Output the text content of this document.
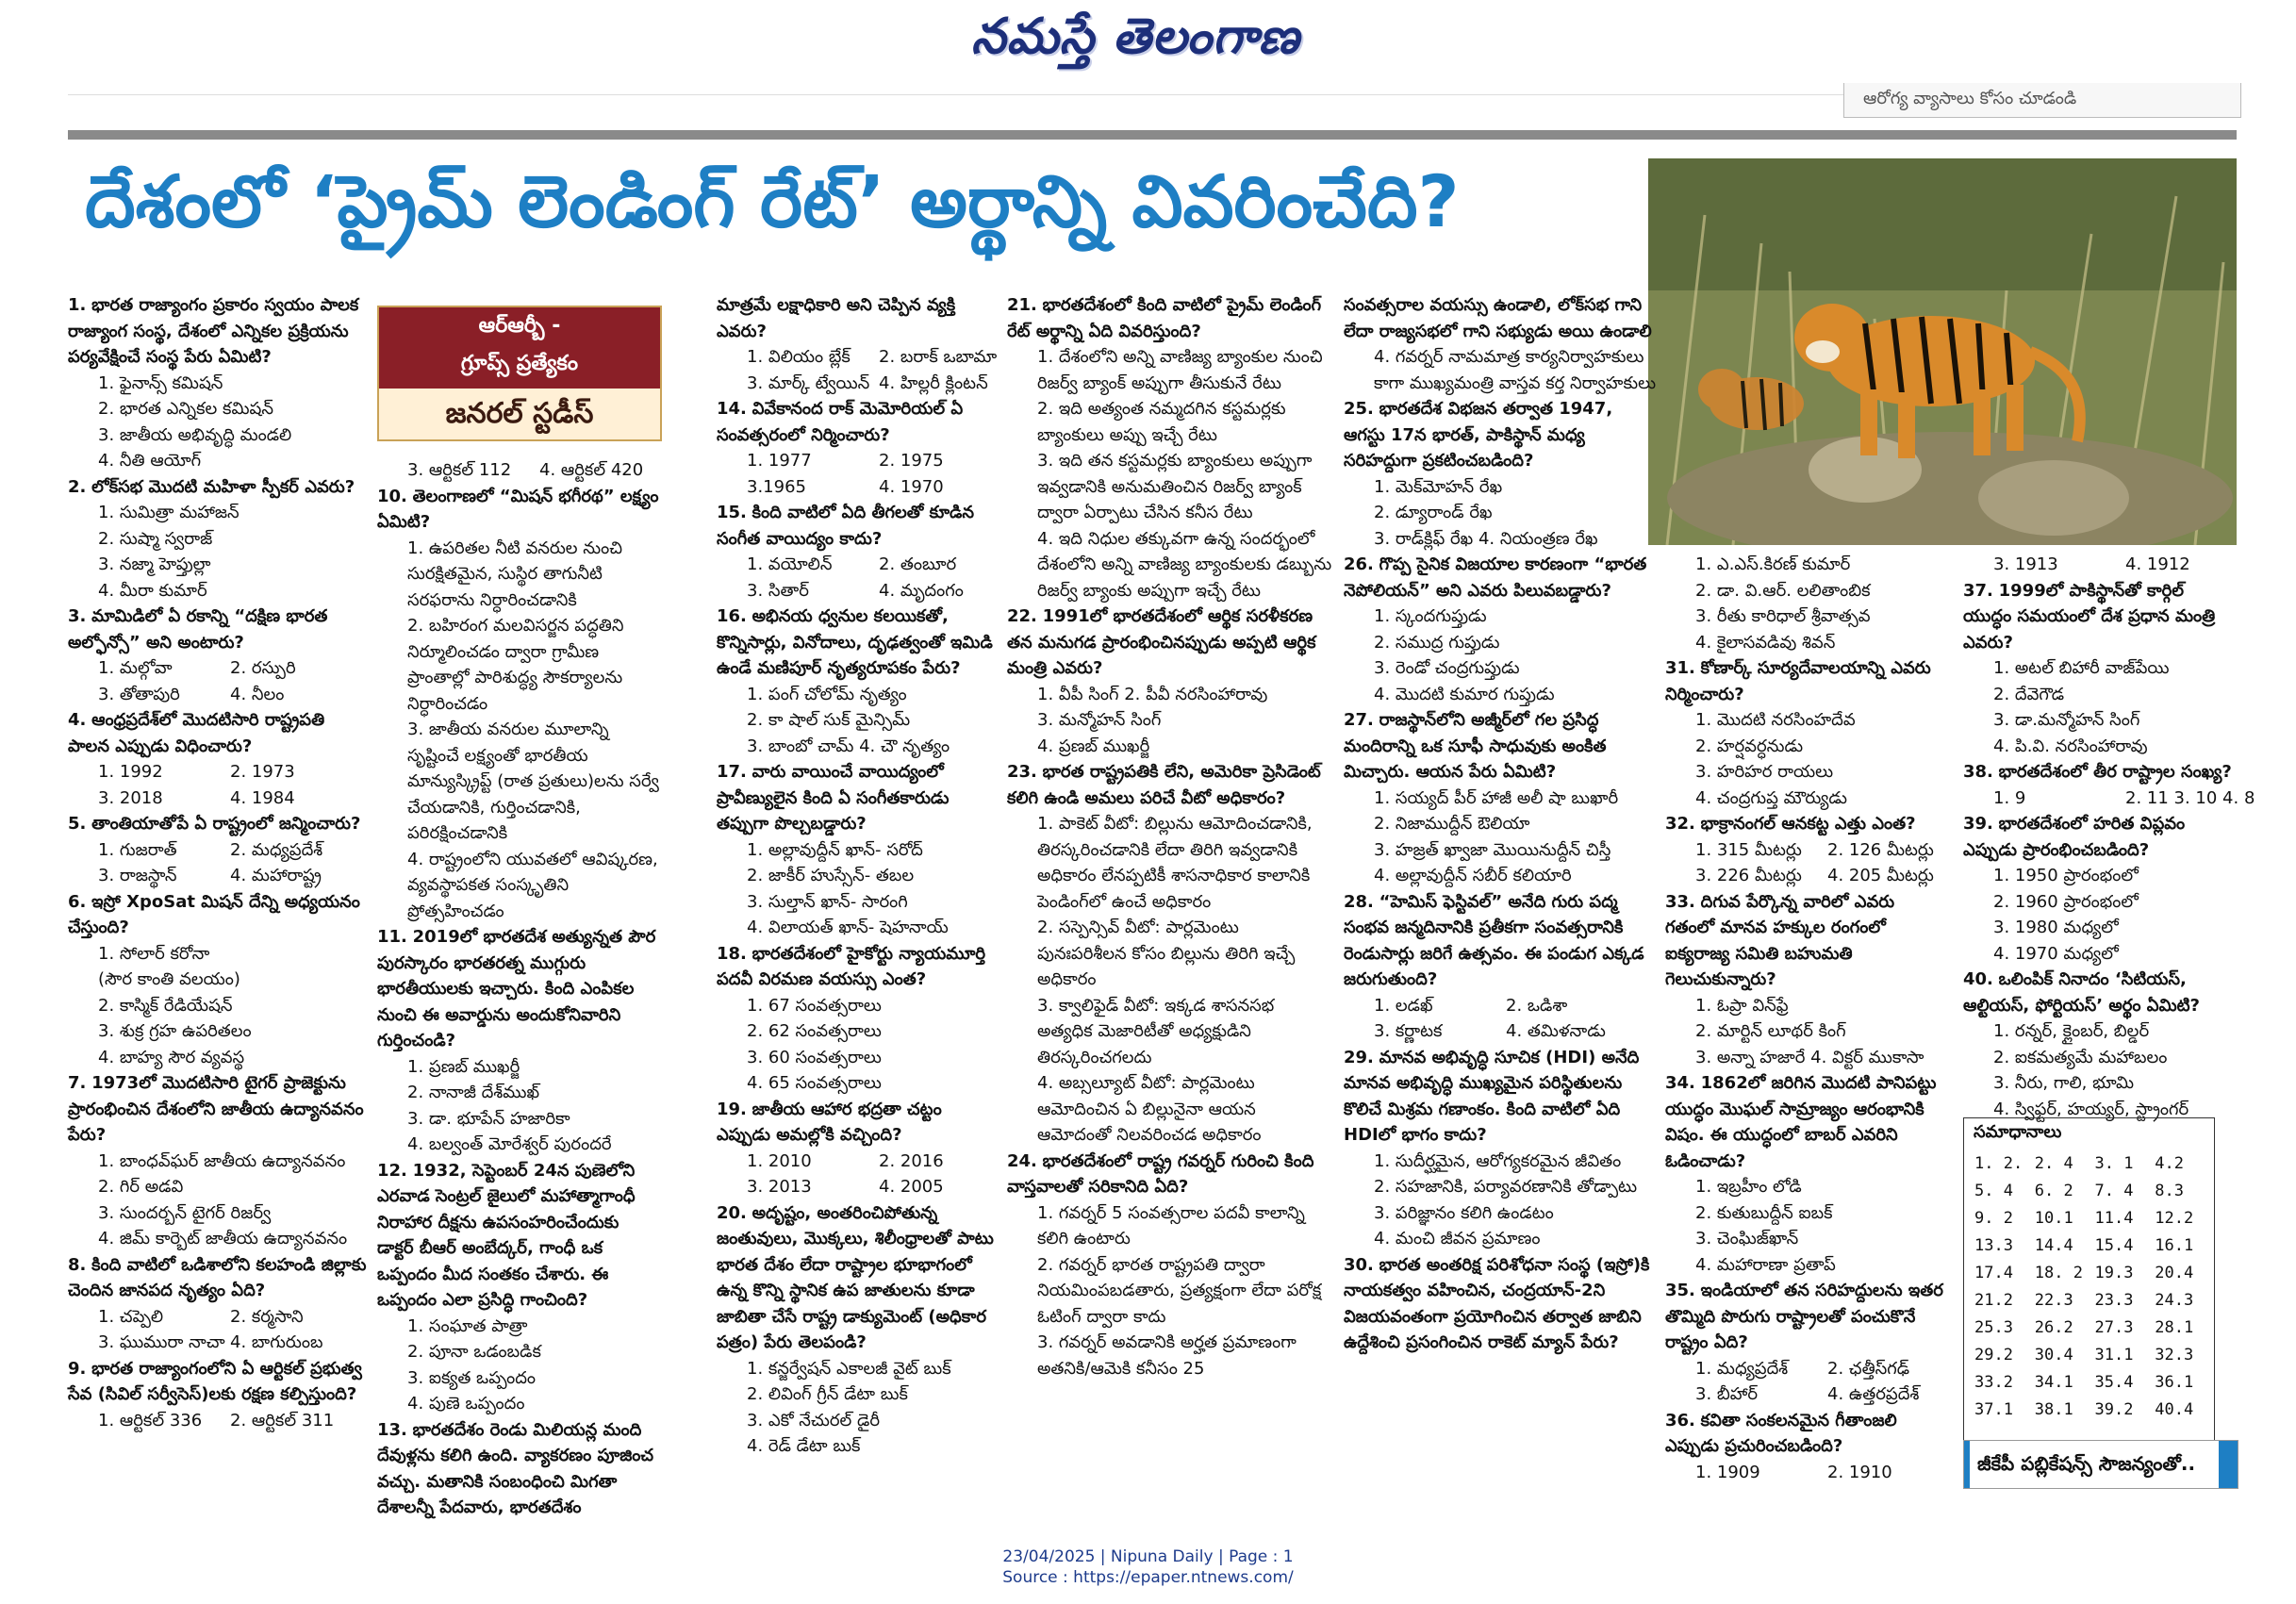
నమస్తే తెలంగాణ
ఆరోగ్య వ్యాసాలు కోసం చూడండి
దేశంలో ‘ప్రైమ్ లెండింగ్ రేట్’ అర్థాన్ని వివరించేది?
ఆర్ఆర్బీ -
గ్రూప్స్ ప్రత్యేకం
జనరల్ స్టడీస్
1. భారత రాజ్యాంగం ప్రకారం స్వయం పాలక రాజ్యాంగ సంస్థ, దేశంలో ఎన్నికల ప్రక్రియను పర్యవేక్షించే సంస్థ పేరు ఏమిటి?
1. ఫైనాన్స్ కమిషన్
2. భారత ఎన్నికల కమిషన్
3. జాతీయ అభివృద్ధి మండలి
4. నీతి ఆయోగ్
2. లోక్‌సభ మొదటి మహిళా స్పీకర్ ఎవరు?
1. సుమిత్రా మహాజన్
2. సుష్మా స్వరాజ్
3. నజ్మా హెప్తుల్లా
4. మీరా కుమార్
3. మామిడిలో ఏ రకాన్ని “దక్షిణ భారత అల్ఫోన్సో” అని అంటారు?
1. మల్గోవా	2. రస్పురి
3. తోతాపురి	4. నీలం
4. ఆంధ్రప్రదేశ్‌లో మొదటిసారి రాష్ట్రపతి పాలన ఎప్పుడు విధించారు?
1. 1992	2. 1973
3. 2018	4. 1984
5. తాంతియాతోపే ఏ రాష్ట్రంలో జన్మించారు?
1. గుజరాత్	2. మధ్యప్రదేశ్
3. రాజస్థాన్	4. మహారాష్ట్ర
6. ఇస్రో XpoSat మిషన్ దేన్ని అధ్యయనం చేస్తుంది?
1. సోలార్ కరోనా
(సౌర కాంతి వలయం)
2. కాస్మిక్ రేడియేషన్
3. శుక్ర గ్రహ ఉపరితలం
4. బాహ్య సౌర వ్యవస్థ
7. 1973లో మొదటిసారి టైగర్ ప్రాజెక్టును ప్రారంభించిన దేశంలోని జాతీయ ఉద్యానవనం పేరు?
1. బాంధవ్‌ఘర్ జాతీయ ఉద్యానవనం
2. గిర్ అడవి
3. సుందర్బన్ టైగర్ రిజర్వ్
4. జిమ్ కార్బెట్ జాతీయ ఉద్యానవనం
8. కింది వాటిలో ఒడిశాలోని కలహండి జిల్లాకు చెందిన జానపద నృత్యం ఏది?
1. చప్పెలి	2. కర్మసాని
3. ఘుమురా నాచా 4. బాగురుంబ
9. భారత రాజ్యాంగంలోని ఏ ఆర్టికల్ ప్రభుత్వ సేవ (సివిల్ సర్వీసెస్)లకు రక్షణ కల్పిస్తుంది?
1. ఆర్టికల్ 336	2. ఆర్టికల్ 311
3. ఆర్టికల్ 112	4. ఆర్టికల్ 420
10. తెలంగాణలో “మిషన్ భగీరథ” లక్ష్యం ఏమిటి?
1. ఉపరితల నీటి వనరుల నుంచి సురక్షితమైన, సుస్థిర తాగునీటి సరఫరాను నిర్ధారించడానికి
2. బహిరంగ మలవిసర్జన పద్ధతిని నిర్మూలించడం ద్వారా గ్రామీణ ప్రాంతాల్లో పారిశుద్ధ్య సౌకర్యాలను నిర్ధారించడం
3. జాతీయ వనరుల మూలాన్ని సృష్టించే లక్ష్యంతో భారతీయ మాన్యుస్క్రిప్ట్ (రాత ప్రతులు)లను సర్వే చేయడానికి, గుర్తించడానికి, పరిరక్షించడానికి
4. రాష్ట్రంలోని యువతలో ఆవిష్కరణ, వ్యవస్థాపకత సంస్కృతిని ప్రోత్సహించడం
11. 2019లో భారతదేశ అత్యున్నత పౌర పురస్కారం భారతరత్న ముగ్గురు భారతీయులకు ఇచ్చారు. కింది ఎంపికల నుంచి ఈ అవార్డును అందుకోనివారిని గుర్తించండి?
1. ప్రణబ్ ముఖర్జీ
2. నానాజీ దేశ్‌ముఖ్
3. డా. భూపేన్ హజారికా
4. బల్వంత్ మోరేశ్వర్ పురందరే
12. 1932, సెప్టెంబర్ 24న పుణెలోని ఎరవాడ సెంట్రల్ జైలులో మహాత్మాగాంధీ నిరాహార దీక్షను ఉపసంహరించేందుకు డాక్టర్ బీఆర్ అంబేద్కర్, గాంధీ ఒక ఒప్పందం మీద సంతకం చేశారు. ఈ ఒప్పందం ఎలా ప్రసిద్ధి గాంచింది?
1. సంఘాత పాత్రా
2. పూనా ఒడంబడిక
3. ఐక్యత ఒప్పందం
4. పుణె ఒప్పందం
13. భారతదేశం రెండు మిలియన్ల మంది దేవుళ్లను కలిగి ఉంది. వ్యాకరణం పూజించ వచ్చు. మతానికి సంబంధించి మిగతా దేశాలన్నీ పేదవారు, భారతదేశం
మాత్రమే లక్షాధికారి అని చెప్పిన వ్యక్తి ఎవరు?
1. విలియం బ్లేక్	2. బరాక్ ఒబామా
3. మార్క్ ట్వేయిన్ 4. హిల్లరీ క్లింటన్
14. వివేకానంద రాక్ మెమోరియల్ ఏ సంవత్సరంలో నిర్మించారు?
1. 1977	2. 1975
3.1965	4. 1970
15. కింది వాటిలో ఏది తీగలతో కూడిన సంగీత వాయిద్యం కాదు?
1. వయోలిన్	2. తంబూర
3. సితార్	4. మృదంగం
16. అభినయ ధ్వనుల కలయికతో, కొన్నిసార్లు, వినోదాలు, దృఢత్వంతో ఇమిడి ఉండే మణిపూర్ నృత్యరూపకం పేరు?
1. పంగ్ చోలోమ్ నృత్యం
2. కా షాల్ సుక్ మైన్సిమ్
3. బాంబో చామ్ 4. చౌ నృత్యం
17. వారు వాయించే వాయిద్యంలో ప్రావీణ్యులైన కింది ఏ సంగీతకారుడు తప్పుగా పొల్చబడ్డారు?
1. అల్లావుద్దీన్ ఖాన్- సరోద్
2. జాకీర్ హుస్సేన్- తబల
3. సుల్తాన్ ఖాన్- సారంగి
4. విలాయత్ ఖాన్- షెహనాయ్
18. భారతదేశంలో హైకోర్టు న్యాయమూర్తి పదవీ విరమణ వయస్సు ఎంత?
1. 67 సంవత్సరాలు
2. 62 సంవత్సరాలు
3. 60 సంవత్సరాలు
4. 65 సంవత్సరాలు
19. జాతీయ ఆహార భద్రతా చట్టం ఎప్పుడు అమల్లోకి వచ్చింది?
1. 2010	2. 2016
3. 2013	4. 2005
20. అదృష్టం, అంతరించిపోతున్న జంతువులు, మొక్కలు, శిలీంధ్రాలతో పాటు భారత దేశం లేదా రాష్ట్రాల భూభాగంలో ఉన్న కొన్ని స్థానిక ఉప జాతులను కూడా జాబితా చేసే రాష్ట్ర డాక్యుమెంట్ (అధికార పత్రం) పేరు తెలపండి?
1. కన్జర్వేషన్ ఎకాలజీ వైట్ బుక్
2. లివింగ్ గ్రీన్ డేటా బుక్
3. ఎకో నేచురల్ డైరీ
4. రెడ్ డేటా బుక్
21. భారతదేశంలో కింది వాటిలో ప్రైమ్ లెండింగ్ రేట్ అర్థాన్ని ఏది వివరిస్తుంది?
1. దేశంలోని అన్ని వాణిజ్య బ్యాంకుల నుంచి రిజర్వ్ బ్యాంక్ అప్పుగా తీసుకునే రేటు
2. ఇది అత్యంత నమ్మదగిన కస్టమర్లకు బ్యాంకులు అప్పు ఇచ్చే రేటు
3. ఇది తన కస్టమర్లకు బ్యాంకులు అప్పుగా ఇవ్వడానికి అనుమతించిన రిజర్వ్ బ్యాంక్ ద్వారా ఏర్పాటు చేసిన కనీస రేటు
4. ఇది నిధుల తక్కువగా ఉన్న సందర్భంలో దేశంలోని అన్ని వాణిజ్య బ్యాంకులకు డబ్బును రిజర్వ్ బ్యాంకు అప్పుగా ఇచ్చే రేటు
22. 1991లో భారతదేశంలో ఆర్థిక సరళీకరణ తన మనుగడ ప్రారంభించినప్పుడు అప్పటి ఆర్థిక మంత్రి ఎవరు?
1. వీపీ సింగ్ 2. పీవీ నరసింహారావు
3. మన్మోహన్ సింగ్
4. ప్రణబ్ ముఖర్జీ
23. భారత రాష్ట్రపతికి లేని, అమెరికా ప్రెసిడెంట్ కలిగి ఉండి అమలు పరిచే వీటో అధికారం?
1. పాకెట్ వీటో: బిల్లును ఆమోదించడానికి, తిరస్కరించడానికి లేదా తిరిగి ఇవ్వడానికి అధికారం లేనప్పటికీ శాసనాధికార కాలానికి పెండింగ్‌లో ఉంచే అధికారం
2. సస్పెన్సివ్ వీటో: పార్లమెంటు పునఃపరిశీలన కోసం బిల్లును తిరిగి ఇచ్చే అధికారం
3. క్వాలిఫైడ్ వీటో: ఇక్కడ శాసనసభ అత్యధిక మెజారిటీతో అధ్యక్షుడిని తిరస్కరించగలదు
4. అబ్సల్యూట్ వీటో: పార్లమెంటు ఆమోదించిన ఏ బిల్లునైనా ఆయన ఆమోదంతో నిలవరించడ అధికారం
24. భారతదేశంలో రాష్ట్ర గవర్నర్ గురించి కింది వాస్తవాలతో సరికానిది ఏది?
1. గవర్నర్ 5 సంవత్సరాల పదవీ కాలాన్ని కలిగి ఉంటారు
2. గవర్నర్ భారత రాష్ట్రపతి ద్వారా నియమింపబడతారు, ప్రత్యక్షంగా లేదా పరోక్ష ఓటింగ్ ద్వారా కాదు
3. గవర్నర్ అవడానికి అర్హత ప్రమాణంగా అతనికి/ఆమెకి కనీసం 25
సంవత్సరాల వయస్సు ఉండాలి, లోక్‌సభ గాని లేదా రాజ్యసభలో గాని సభ్యుడు అయి ఉండాలి
4. గవర్నర్ నామమాత్ర కార్యనిర్వాహకులు కాగా ముఖ్యమంత్రి వాస్తవ కర్త నిర్వాహకులు
25. భారతదేశ విభజన తర్వాత 1947, ఆగస్టు 17న భారత్, పాకిస్థాన్ మధ్య సరిహద్దుగా ప్రకటించబడింది?
1. మెక్‌మోహన్ రేఖ
2. డ్యూరాండ్ రేఖ
3. రాడ్‌క్లిఫ్ రేఖ 4. నియంత్రణ రేఖ
26. గొప్ప సైనిక విజయాల కారణంగా “భారత నెపోలియన్” అని ఎవరు పిలువబడ్డారు?
1. స్కందగుప్తుడు
2. సముద్ర గుప్తుడు
3. రెండో చంద్రగుప్తుడు
4. మొదటి కుమార గుప్తుడు
27. రాజస్థాన్‌లోని అజ్మీర్‌లో గల ప్రసిద్ధ మందిరాన్ని ఒక సూఫీ సాధువుకు అంకిత మిచ్చారు. ఆయన పేరు ఏమిటి?
1. సయ్యద్ పీర్ హాజీ అలీ షా బుఖారీ
2. నిజాముద్దీన్ ఔలియా
3. హజ్రత్ ఖ్వాజా మొయినుద్దీన్ చిస్తీ
4. అల్లావుద్దీన్ సబీర్ కలియారి
28. “హెమిస్ ఫెస్టివల్” అనేది గురు పద్మ సంభవ జన్మదినానికి ప్రతీకగా సంవత్సరానికి రెండుసార్లు జరిగే ఉత్సవం. ఈ పండుగ ఎక్కడ జరుగుతుంది?
1. లడఖ్	2. ఒడిశా
3. కర్ణాటక	4. తమిళనాడు
29. మానవ అభివృద్ధి సూచిక (HDI) అనేది మానవ అభివృద్ధి ముఖ్యమైన పరిస్థితులను కొలిచే మిశ్రమ గణాంకం. కింది వాటిలో ఏది HDIలో భాగం కాదు?
1. సుదీర్ఘమైన, ఆరోగ్యకరమైన జీవితం
2. సహజానికి, పర్యావరణానికి తోడ్పాటు
3. పరిజ్ఞానం కలిగి ఉండటం
4. మంచి జీవన ప్రమాణం
30. భారత అంతరిక్ష పరిశోధనా సంస్థ (ఇస్రో)కి నాయకత్వం వహించిన, చంద్రయాన్-2ని విజయవంతంగా ప్రయోగించిన తర్వాత జాబిని ఉద్దేశించి ప్రసంగించిన రాకెట్ మ్యాన్ పేరు?
1. ఎ.ఎస్.కిరణ్ కుమార్
2. డా. వి.ఆర్. లలితాంబిక
3. రీతు కారిధాల్ శ్రీవాత్సవ
4. కైలాసవడివు శివన్
31. కోణార్క్ సూర్యదేవాలయాన్ని ఎవరు నిర్మించారు?
1. మొదటి నరసింహదేవ
2. హర్షవర్ధనుడు
3. హరిహర రాయలు
4. చంద్రగుప్త మౌర్యుడు
32. భాక్రానంగల్ ఆనకట్ట ఎత్తు ఎంత?
1. 315 మీటర్లు	2. 126 మీటర్లు
3. 226 మీటర్లు	4. 205 మీటర్లు
33. దిగువ పేర్కొన్న వారిలో ఎవరు గతంలో మానవ హక్కుల రంగంలో ఐక్యరాజ్య సమితి బహుమతి గెలుచుకున్నారు?
1. ఓప్రా విన్‌ఫ్రే
2. మార్టిన్ లూథర్ కింగ్
3. అన్నా హజారే 4. విక్టర్ ముకాసా
34. 1862లో జరిగిన మొదటి పానిపట్టు యుద్ధం మొఘల్ సామ్రాజ్యం ఆరంభానికి విషం. ఈ యుద్ధంలో బాబర్ ఎవరిని ఓడించాడు?
1. ఇబ్రహీం లోడి
2. కుతుబుద్దీన్ ఐబక్
3. చెంఘిజ్‌ఖాన్
4. మహారాణా ప్రతాప్
35. ఇండియాలో తన సరిహద్దులను ఇతర తొమ్మిది పొరుగు రాష్ట్రాలతో పంచుకొనే రాష్ట్రం ఏది?
1. మధ్యప్రదేశ్	2. ఛత్తీస్‌గఢ్
3. బీహార్	4. ఉత్తరప్రదేశ్
36. కవితా సంకలనమైన గీతాంజలి ఎప్పుడు ప్రచురించబడింది?
1. 1909	2. 1910
3. 1913	4. 1912
37. 1999లో పాకిస్థాన్‌తో కార్గిల్ యుద్ధం సమయంలో దేశ ప్రధాన మంత్రి ఎవరు?
1. అటల్ బిహారీ వాజ్‌పేయి
2. దేవెగౌడ
3. డా.మన్మోహన్ సింగ్
4. పి.వి. నరసింహారావు
38. భారతదేశంలో తీర రాష్ట్రాల సంఖ్య?
1. 9	2. 11 3. 10 4. 8
39. భారతదేశంలో హరిత విప్లవం ఎప్పుడు ప్రారంభించబడింది?
1. 1950 ప్రారంభంలో
2. 1960 ప్రారంభంలో
3. 1980 మధ్యలో
4. 1970 మధ్యలో
40. ఒలింపిక్ నినాదం ‘సిటియస్, ఆల్టియస్, ఫోర్టియస్’ అర్థం ఏమిటి?
1. రన్నర్, క్లైంబర్, బిల్డర్
2. ఐకమత్యమే మహాబలం
3. నీరు, గాలి, భూమి
4. స్విఫ్టర్, హయ్యర్, స్ట్రాంగర్
సమాధానాలు
1. 2.	2. 4	3. 1	4.2
5. 4	6. 2	7. 4	8.3
9. 2	10.1	11.4	12.2
13.3	14.4	15.4	16.1
17.4	18. 2	19.3	20.4
21.2	22.3	23.3	24.3
25.3	26.2	27.3	28.1
29.2	30.4	31.1	32.3
33.2	34.1	35.4	36.1
37.1	38.1	39.2	40.4
జీకేపీ పబ్లికేషన్స్ సౌజన్యంతో..
23/04/2025 | Nipuna Daily | Page : 1
Source : https://epaper.ntnews.com/
